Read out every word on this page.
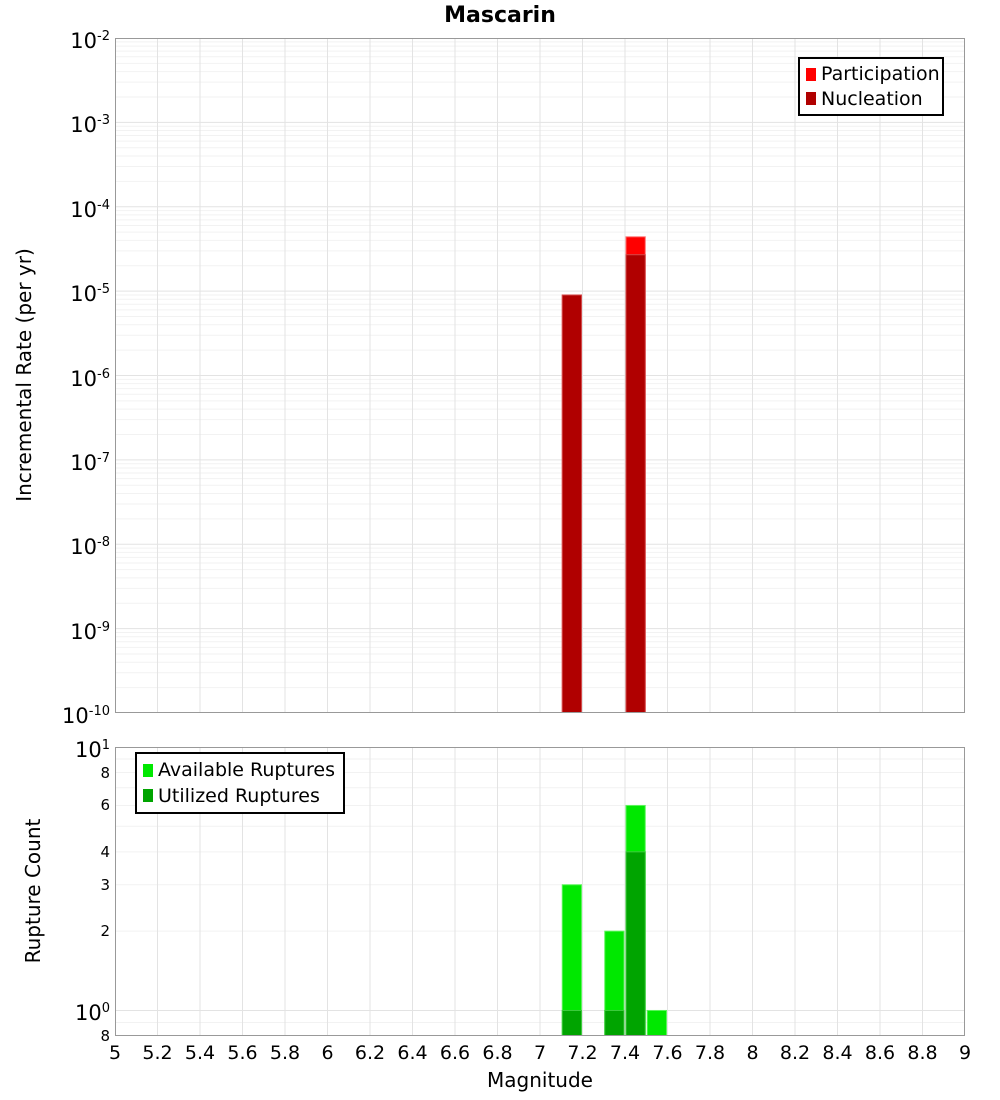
Mascarin
Incremental Rate (per yr)
Rupture Count
Magnitude
$10^{-2}$
$10^{-3}$
$10^{-4}$
$10^{-5}$
$10^{-6}$
$10^{-7}$
$10^{-8}$
$10^{-9}$
$10^{-10}$
$10^1$
$10^0$
8
6
4
3
2
8
5	5.2 5.4 5.6 5.8	6	6.2 6.4 6.6 6.8	7	7.2 7.4 7.6 7.8	8	8.2 8.4 8.6 8.8	9
Participation
Nucleation
Available Ruptures
Utilized Ruptures
